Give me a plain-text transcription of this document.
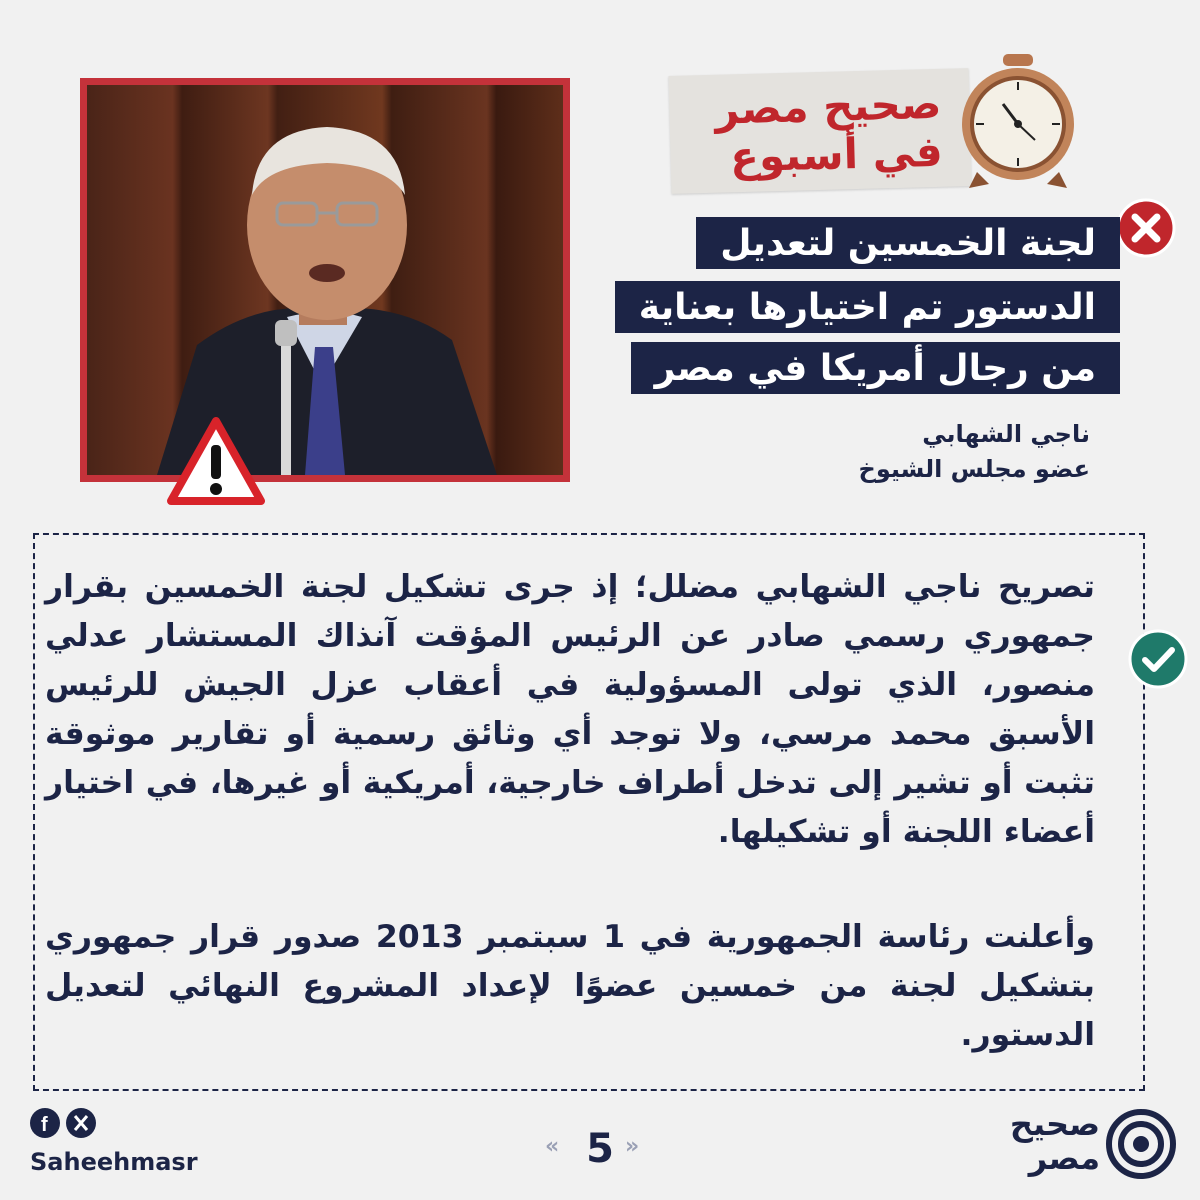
صحيح مصر
في أسبوع
لجنة الخمسين لتعديل
الدستور تم اختيارها بعناية
من رجال أمريكا في مصر
ناجي الشهابي
عضو مجلس الشيوخ
تصريح ناجي الشهابي مضلل؛ إذ جرى تشكيل لجنة الخمسين بقرار جمهوري رسمي صادر عن الرئيس المؤقت آنذاك المستشار عدلي منصور، الذي تولى المسؤولية في أعقاب عزل الجيش للرئيس الأسبق محمد مرسي، ولا توجد أي وثائق رسمية أو تقارير موثوقة تثبت أو تشير إلى تدخل أطراف خارجية، أمريكية أو غيرها، في اختيار أعضاء اللجنة أو تشكيلها.
وأعلنت رئاسة الجمهورية في 1 سبتمبر 2013 صدور قرار جمهوري بتشكيل لجنة من خمسين عضوًا لإعداد المشروع النهائي لتعديل الدستور.
f
Saheehmasr
« 5 »
صحيح
مصر
